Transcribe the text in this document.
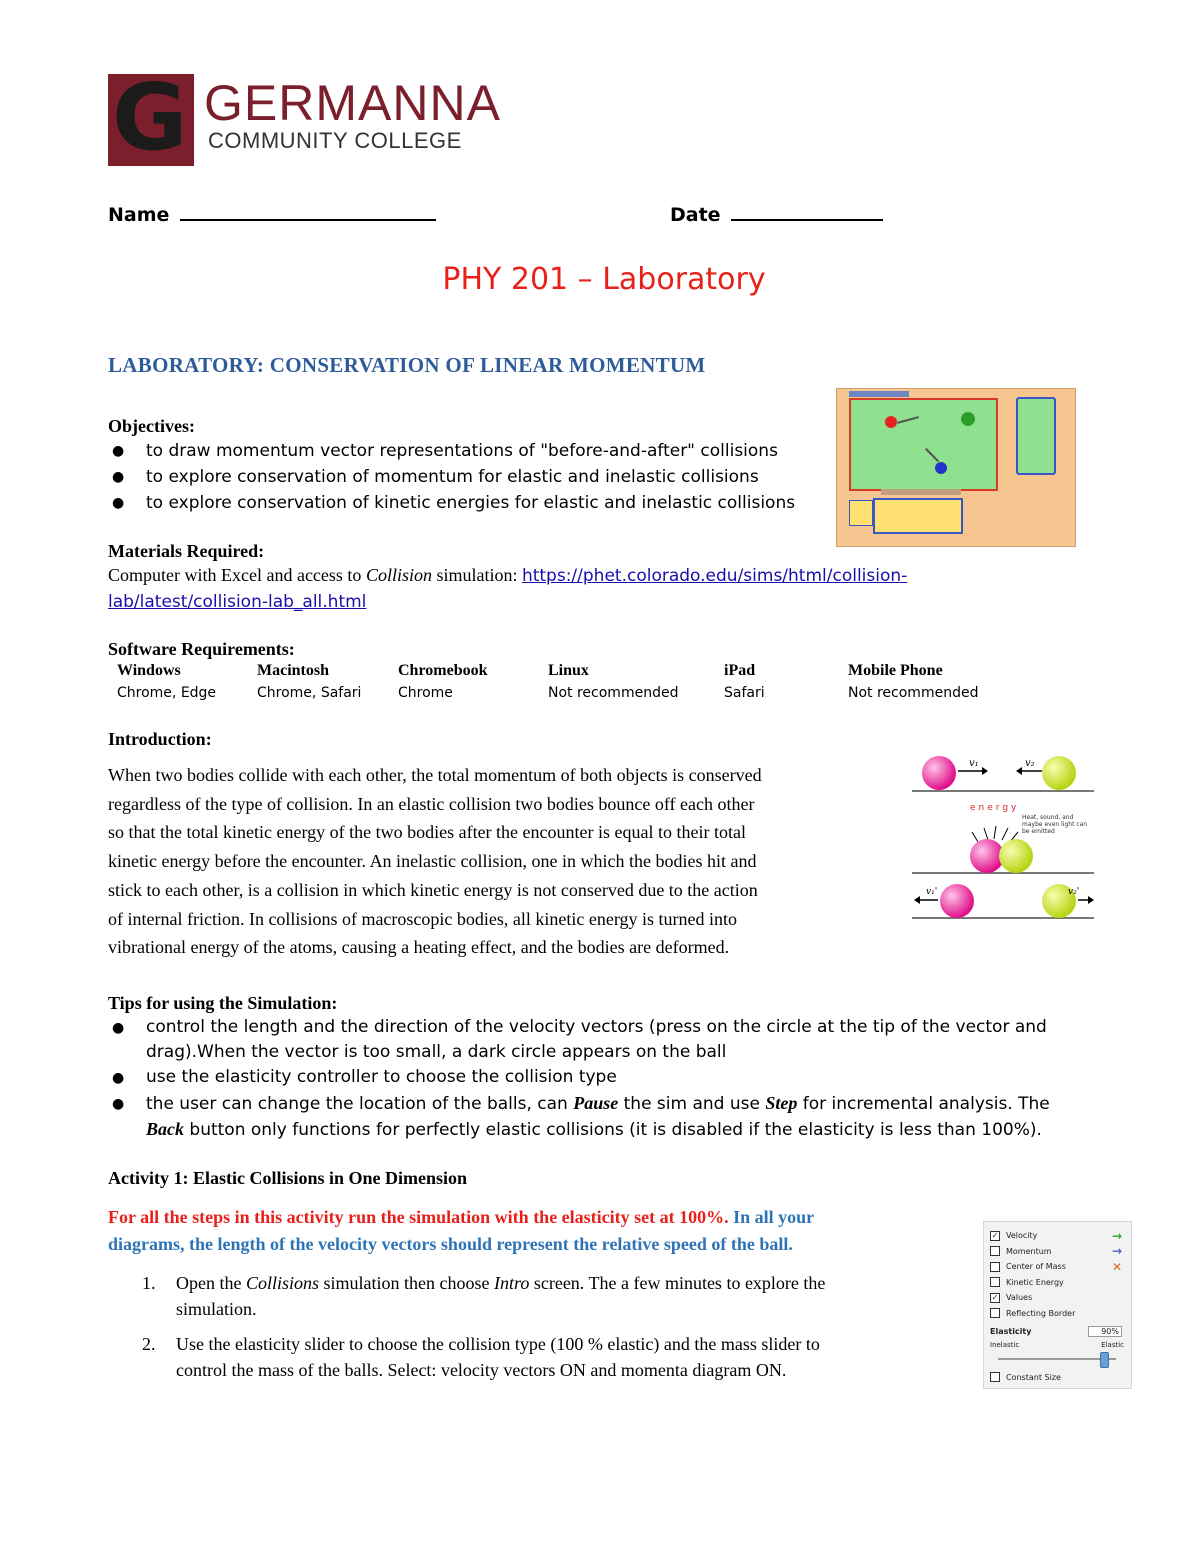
G GERMANNA
COMMUNITY COLLEGE
Name	Date
PHY 201 – Laboratory
LABORATORY: CONSERVATION OF LINEAR MOMENTUM
Objectives:
●	to draw momentum vector representations of "before-and-after" collisions
●	to explore conservation of momentum for elastic and inelastic collisions
●	to explore conservation of kinetic energies for elastic and inelastic collisions
Materials Required:
Computer with Excel and access to Collision simulation: https://phet.colorado.edu/sims/html/collision-
lab/latest/collision-lab_all.html
Software Requirements:
Windows	Macintosh	Chromebook	Linux	iPad	Mobile Phone
Chrome, Edge	Chrome, Safari	Chrome	Not recommended	Safari	Not recommended
Introduction:
When two bodies collide with each other, the total momentum of both objects is conserved
regardless of the type of collision. In an elastic collision two bodies bounce off each other
so that the total kinetic energy of the two bodies after the encounter is equal to their total
kinetic energy before the encounter. An inelastic collision, one in which the bodies hit and
stick to each other, is a collision in which kinetic energy is not conserved due to the action
of internal friction. In collisions of macroscopic bodies, all kinetic energy is turned into
vibrational energy of the atoms, causing a heating effect, and the bodies are deformed.
v₁	v₂
energy
Heat, sound, and maybe even light can be emitted
v₁'	v₂'
Tips for using the Simulation:
●	control the length and the direction of the velocity vectors (press on the circle at the tip of the vector and
drag).When the vector is too small, a dark circle appears on the ball
●	use the elasticity controller to choose the collision type
●	the user can change the location of the balls, can Pause the sim and use Step for incremental analysis. The
Back button only functions for perfectly elastic collisions (it is disabled if the elasticity is less than 100%).
Activity 1: Elastic Collisions in One Dimension
For all the steps in this activity run the simulation with the elasticity set at 100%. In all your
diagrams, the length of the velocity vectors should represent the relative speed of the ball.
1.	Open the Collisions simulation then choose Intro screen. The a few minutes to explore the
simulation.
2.	Use the elasticity slider to choose the collision type (100 % elastic) and the mass slider to
control the mass of the balls. Select: velocity vectors ON and momenta diagram ON.
✓ Velocity	→
Momentum	→
Center of Mass	✕
Kinetic Energy
✓ Values
Reflecting Border
Elasticity	90%
Inelastic	Elastic
Constant Size
